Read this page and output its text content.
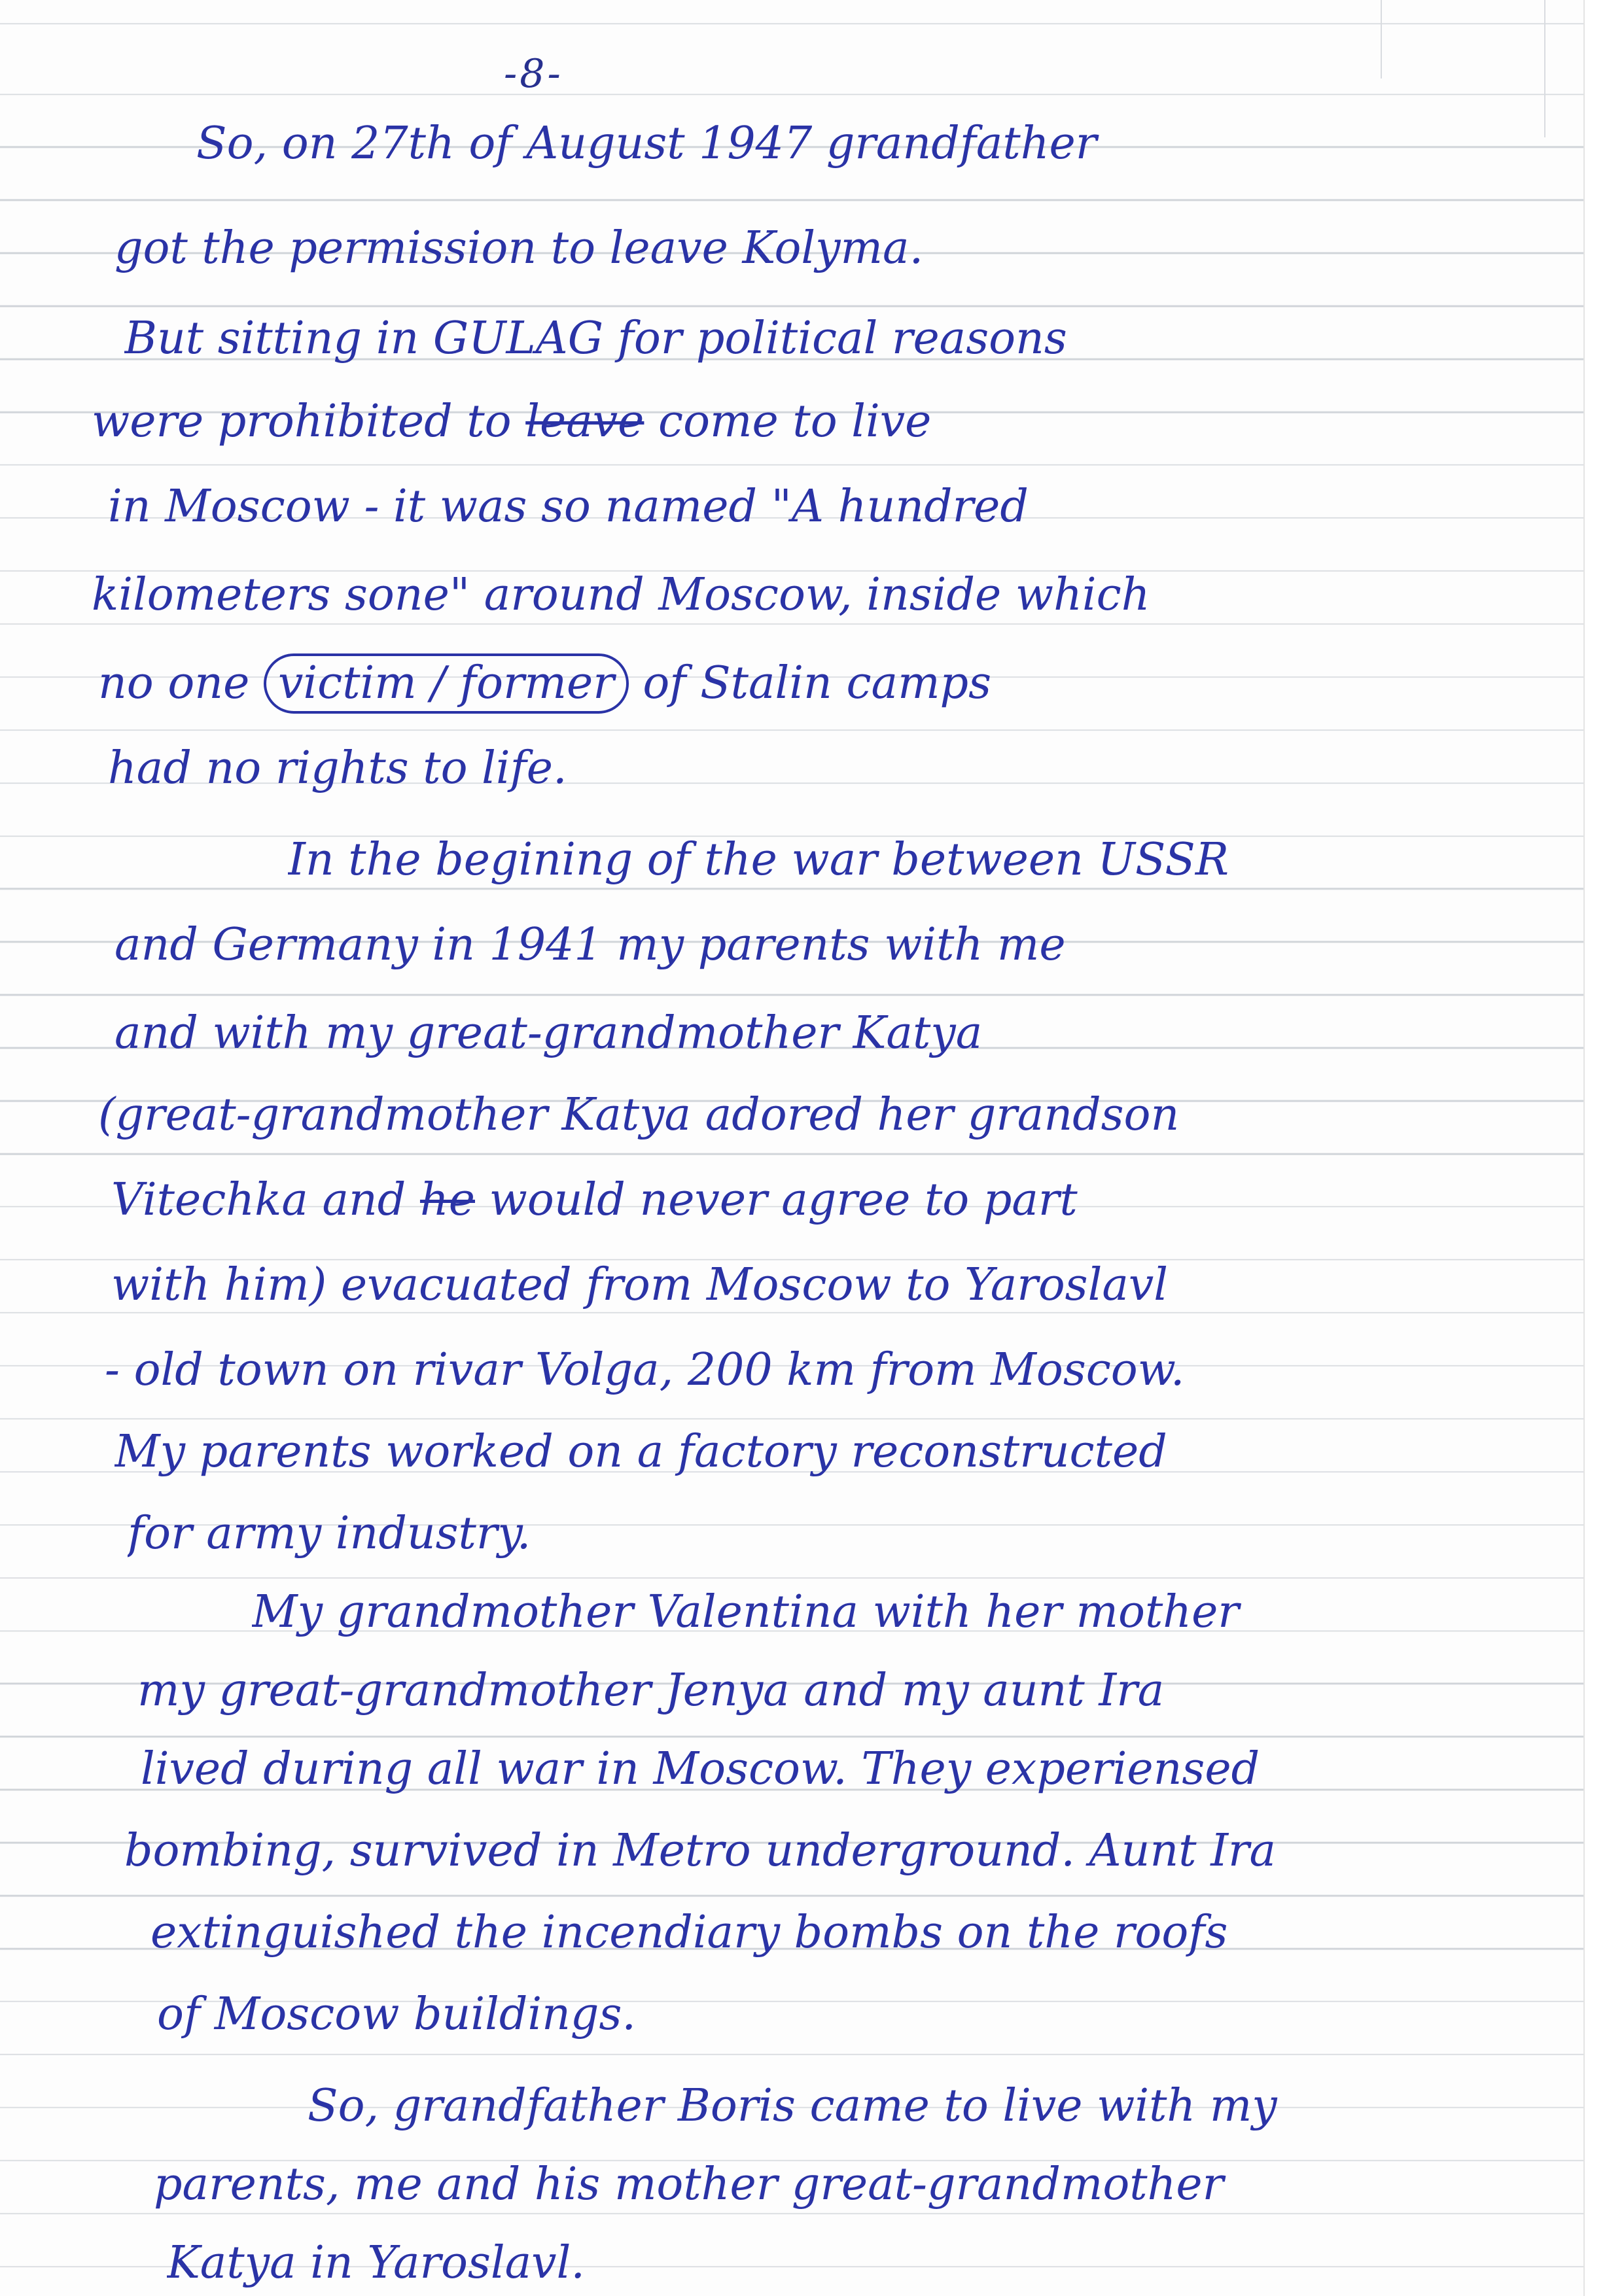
-8-
So, on 27th of August 1947 grandfather
got the permission to leave Kolyma.
But sitting in GULAG for political reasons
were prohibited to leave come to live
in Moscow - it was so named "A hundred
kilometers sone" around Moscow, inside which
no one victim / former of Stalin camps
had no rights to life.
In the begining of the war between USSR
and Germany in 1941 my parents with me
and with my great-grandmother Katya
(great-grandmother Katya adored her grandson
Vitechka and he would never agree to part
with him) evacuated from Moscow to Yaroslavl
- old town on rivar Volga, 200 km from Moscow.
My parents worked on a factory reconstructed
for army industry.
My grandmother Valentina with her mother
my great-grandmother Jenya and my aunt Ira
lived during all war in Moscow. They experiensed
bombing, survived in Metro underground. Aunt Ira
extinguished the incendiary bombs on the roofs
of Moscow buildings.
So, grandfather Boris came to live with my
parents, me and his mother great-grandmother
Katya in Yaroslavl.
